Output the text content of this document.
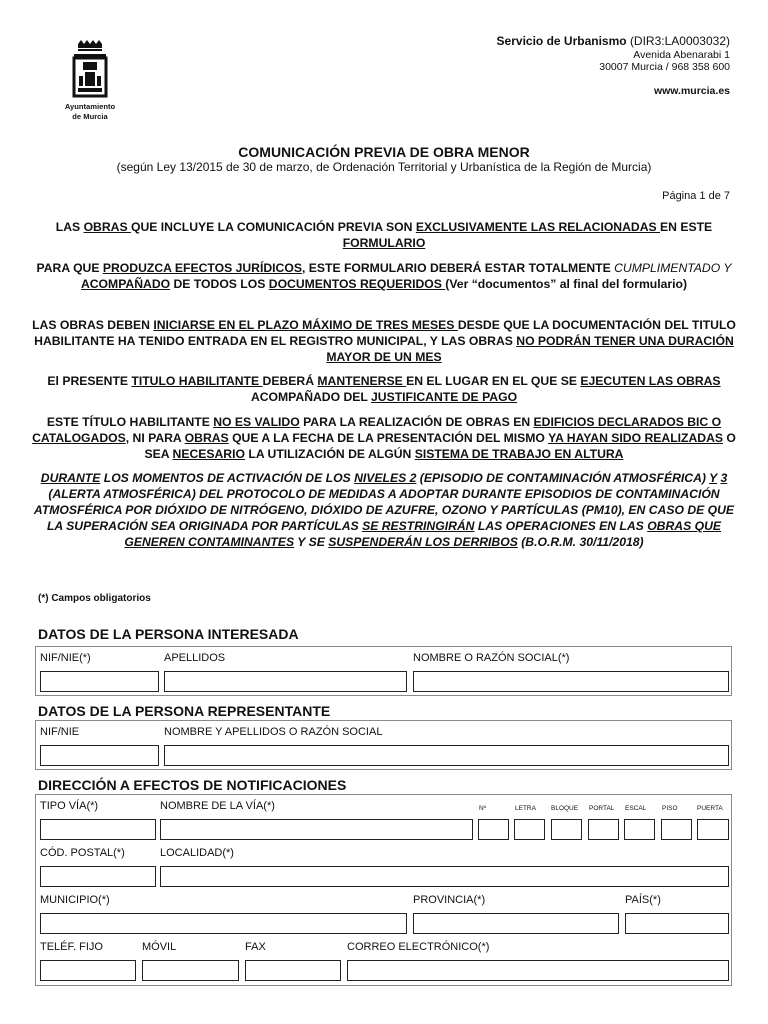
Ayuntamiento
de Murcia
Servicio de Urbanismo (DIR3:LA0003032)
Avenida Abenarabi 1
30007 Murcia / 968 358 600
www.murcia.es
COMUNICACIÓN PREVIA DE OBRA MENOR
(según Ley 13/2015 de 30 de marzo, de Ordenación Territorial y Urbanística de la Región de Murcia)
Página 1 de 7
LAS OBRAS QUE INCLUYE LA COMUNICACIÓN PREVIA SON EXCLUSIVAMENTE LAS RELACIONADAS EN ESTE FORMULARIO
PARA QUE PRODUZCA EFECTOS JURÍDICOS, ESTE FORMULARIO DEBERÁ ESTAR TOTALMENTE CUMPLIMENTADO Y ACOMPAÑADO DE TODOS LOS DOCUMENTOS REQUERIDOS (Ver “documentos” al final del formulario)
LAS OBRAS DEBEN INICIARSE EN EL PLAZO MÁXIMO DE TRES MESES DESDE QUE LA DOCUMENTACIÓN DEL TITULO HABILITANTE HA TENIDO ENTRADA EN EL REGISTRO MUNICIPAL, Y LAS OBRAS NO PODRÁN TENER UNA DURACIÓN MAYOR DE UN MES
El PRESENTE TITULO HABILITANTE DEBERÁ MANTENERSE EN EL LUGAR EN EL QUE SE EJECUTEN LAS OBRAS ACOMPAÑADO DEL JUSTIFICANTE DE PAGO
ESTE TÍTULO HABILITANTE NO ES VALIDO PARA LA REALIZACIÓN DE OBRAS EN EDIFICIOS DECLARADOS BIC O CATALOGADOS, NI PARA OBRAS QUE A LA FECHA DE LA PRESENTACIÓN DEL MISMO YA HAYAN SIDO REALIZADAS O SEA NECESARIO LA UTILIZACIÓN DE ALGÚN SISTEMA DE TRABAJO EN ALTURA
DURANTE LOS MOMENTOS DE ACTIVACIÓN DE LOS NIVELES 2 (EPISODIO DE CONTAMINACIÓN ATMOSFÉRICA) Y 3 (ALERTA ATMOSFÉRICA) DEL PROTOCOLO DE MEDIDAS A ADOPTAR DURANTE EPISODIOS DE CONTAMINACIÓN ATMOSFÉRICA POR DIÓXIDO DE NITRÓGENO, DIÓXIDO DE AZUFRE, OZONO Y PARTÍCULAS (PM10), EN CASO DE QUE LA SUPERACIÓN SEA ORIGINADA POR PARTÍCULAS SE RESTRINGIRÁN LAS OPERACIONES EN LAS OBRAS QUE GENEREN CONTAMINANTES Y SE SUSPENDERÁN LOS DERRIBOS (B.O.R.M. 30/11/2018)
(*) Campos obligatorios
DATOS DE LA PERSONA INTERESADA
NIF/NIE(*)	APELLIDOS	NOMBRE O RAZÓN SOCIAL(*)
DATOS DE LA PERSONA REPRESENTANTE
NIF/NIE	NOMBRE Y APELLIDOS O RAZÓN SOCIAL
DIRECCIÓN A EFECTOS DE NOTIFICACIONES
TIPO VÍA(*)	NOMBRE DE LA VÍA(*)	Nº	LETRA BLOQUE PORTAL ESCAL PISO	PUERTA
CÓD. POSTAL(*)	LOCALIDAD(*)
MUNICIPIO(*)	PROVINCIA(*)	PAÍS(*)
TELÉF. FIJO	MÓVIL	FAX	CORREO ELECTRÓNICO(*)
